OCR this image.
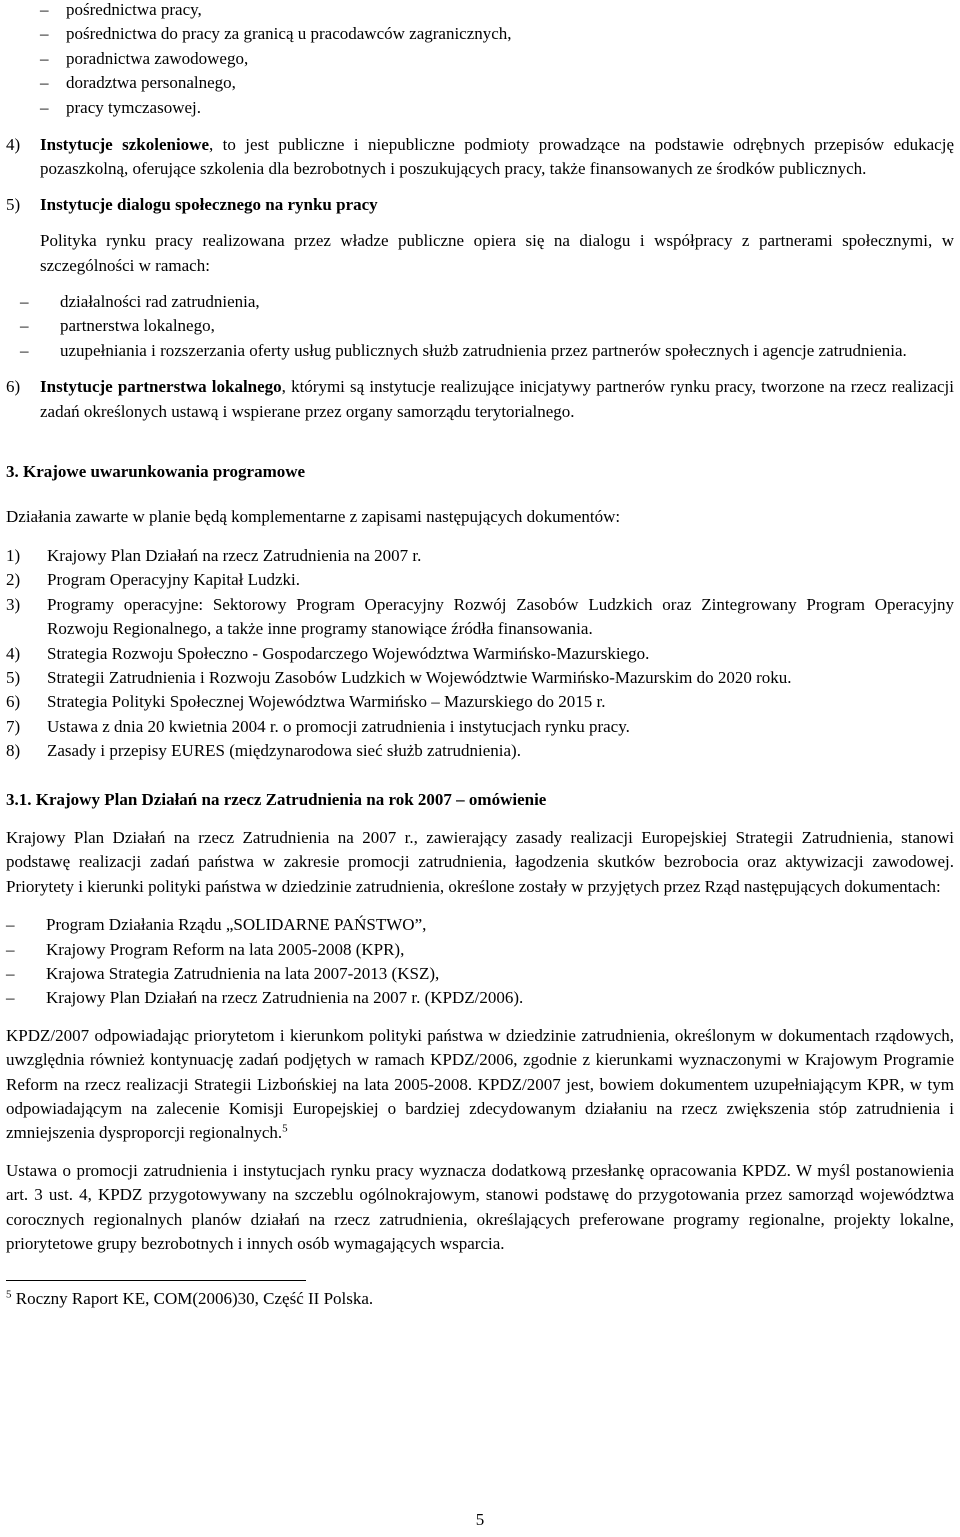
– pośrednictwa pracy,
– pośrednictwa do pracy za granicą u pracodawców zagranicznych,
– poradnictwa zawodowego,
– doradztwa personalnego,
– pracy tymczasowej.
4) Instytucje szkoleniowe, to jest publiczne i niepubliczne podmioty prowadzące na podstawie odrębnych przepisów edukację pozaszkolną, oferujące szkolenia dla bezrobotnych i poszukujących pracy, także finansowanych ze środków publicznych.
5) Instytucje dialogu społecznego na rynku pracy

Polityka rynku pracy realizowana przez władze publiczne opiera się na dialogu i współpracy z partnerami społecznymi, w szczególności w ramach:

– działalności rad zatrudnienia,
– partnerstwa lokalnego,
– uzupełniania i rozszerzania oferty usług publicznych służb zatrudnienia przez partnerów społecznych i agencje zatrudnienia.
6) Instytucje partnerstwa lokalnego, którymi są instytucje realizujące inicjatywy partnerów rynku pracy, tworzone na rzecz realizacji zadań określonych ustawą i wspierane przez organy samorządu terytorialnego.
3. Krajowe uwarunkowania programowe

Działania zawarte w planie będą komplementarne z zapisami następujących dokumentów:

1) Krajowy Plan Działań na rzecz Zatrudnienia na 2007 r.
2) Program Operacyjny Kapitał Ludzki.
3) Programy operacyjne: Sektorowy Program Operacyjny Rozwój Zasobów Ludzkich oraz Zintegrowany Program Operacyjny Rozwoju Regionalnego, a także inne programy stanowiące źródła finansowania.
4) Strategia Rozwoju Społeczno - Gospodarczego Województwa Warmińsko-Mazurskiego.
5) Strategii Zatrudnienia i Rozwoju Zasobów Ludzkich w Województwie Warmińsko-Mazurskim do 2020 roku.
6) Strategia Polityki Społecznej Województwa Warmińsko – Mazurskiego do 2015 r.
7) Ustawa z dnia 20 kwietnia 2004 r. o promocji zatrudnienia i instytucjach rynku pracy.
8) Zasady i przepisy EURES (międzynarodowa sieć służb zatrudnienia).
3.1. Krajowy Plan Działań na rzecz Zatrudnienia na rok 2007 – omówienie

Krajowy Plan Działań na rzecz Zatrudnienia na 2007 r., zawierający zasady realizacji Europejskiej Strategii Zatrudnienia, stanowi podstawę realizacji zadań państwa w zakresie promocji zatrudnienia, łagodzenia skutków bezrobocia oraz aktywizacji zawodowej. Priorytety i kierunki polityki państwa w dziedzinie zatrudnienia, określone zostały w przyjętych przez Rząd następujących dokumentach:

– Program Działania Rządu „SOLIDARNE PAŃSTWO”,
– Krajowy Program Reform na lata 2005-2008 (KPR),
– Krajowa Strategia Zatrudnienia na lata 2007-2013 (KSZ),
– Krajowy Plan Działań na rzecz Zatrudnienia na 2007 r. (KPDZ/2006).

KPDZ/2007 odpowiadając priorytetom i kierunkom polityki państwa w dziedzinie zatrudnienia, określonym w dokumentach rządowych, uwzględnia również kontynuację zadań podjętych w ramach KPDZ/2006, zgodnie z kierunkami wyznaczonymi w Krajowym Programie Reform na rzecz realizacji Strategii Lizbońskiej na lata 2005-2008. KPDZ/2007 jest, bowiem dokumentem uzupełniającym KPR, w tym odpowiadającym na zalecenie Komisji Europejskiej o bardziej zdecydowanym działaniu na rzecz zwiększenia stóp zatrudnienia i zmniejszenia dysproporcji regionalnych.$^5$

Ustawa o promocji zatrudnienia i instytucjach rynku pracy wyznacza dodatkową przesłankę opracowania KPDZ. W myśl postanowienia art. 3 ust. 4, KPDZ przygotowywany na szczeblu ogólnokrajowym, stanowi podstawę do przygotowania przez samorząd województwa corocznych regionalnych planów działań na rzecz zatrudnienia, określających preferowane programy regionalne, projekty lokalne, priorytetowe grupy bezrobotnych i innych osób wymagających wsparcia.

$^5$ Roczny Raport KE, COM(2006)30, Część II Polska.

5
